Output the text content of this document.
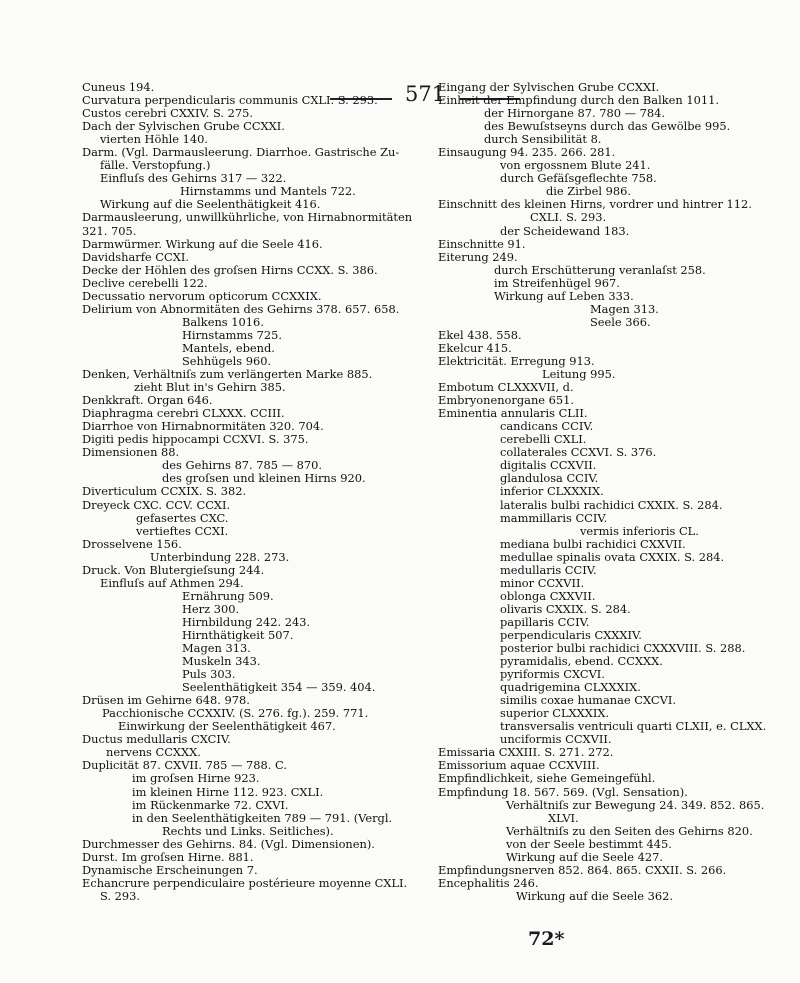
571
Cuneus 194.
Curvatura perpendicularis communis CXLI. S. 293.
Custos cerebri CXXIV. S. 275.
Dach der Sylvischen Grube CCXXI.
vierten Höhle 140.
Darm. (Vgl. Darmausleerung. Diarrhoe. Gastrische Zu-
fälle. Verstopfung.)
Einfluſs des Gehirns 317 — 322.
Hirnstamms und Mantels 722.
Wirkung auf die Seelenthätigkeit 416.
Darmausleerung, unwillkührliche, von Hirnabnormitäten
321. 705.
Darmwürmer. Wirkung auf die Seele 416.
Davidsharfe CCXI.
Decke der Höhlen des groſsen Hirns CCXX. S. 386.
Declive cerebelli 122.
Decussatio nervorum opticorum CCXXIX.
Delirium von Abnormitäten des Gehirns 378. 657. 658.
Balkens 1016.
Hirnstamms 725.
Mantels, ebend.
Sehhügels 960.
Denken, Verhältniſs zum verlängerten Marke 885.
zieht Blut in's Gehirn 385.
Denkkraft. Organ 646.
Diaphragma cerebri CLXXX. CCIII.
Diarrhoe von Hirnabnormitäten 320. 704.
Digiti pedis hippocampi CCXVI. S. 375.
Dimensionen 88.
des Gehirns 87. 785 — 870.
des groſsen und kleinen Hirns 920.
Diverticulum CCXIX. S. 382.
Dreyeck CXC. CCV. CCXI.
gefasertes CXC.
vertieftes CCXI.
Drosselvene 156.
Unterbindung 228. 273.
Druck. Von Blutergieſsung 244.
Einfluſs auf Athmen 294.
Ernährung 509.
Herz 300.
Hirnbildung 242. 243.
Hirnthätigkeit 507.
Magen 313.
Muskeln 343.
Puls 303.
Seelenthätigkeit 354 — 359. 404.
Drüsen im Gehirne 648. 978.
Pacchionische CCXXIV. (S. 276. fg.). 259. 771.
Einwirkung der Seelenthätigkeit 467.
Ductus medullaris CXCIV.
nervens CCXXX.
Duplicität 87. CXVII. 785 — 788. C.
im groſsen Hirne 923.
im kleinen Hirne 112. 923. CXLI.
im Rückenmarke 72. CXVI.
in den Seelenthätigkeiten 789 — 791. (Vergl.
Rechts und Links. Seitliches).
Durchmesser des Gehirns. 84. (Vgl. Dimensionen).
Durst. Im groſsen Hirne. 881.
Dynamische Erscheinungen 7.
Echancrure perpendiculaire postérieure moyenne CXLI.
S. 293.
Eingang der Sylvischen Grube CCXXI.
Einheit der Empfindung durch den Balken 1011.
der Hirnorgane 87. 780 — 784.
des Bewuſstseyns durch das Gewölbe 995.
durch Sensibilität 8.
Einsaugung 94. 235. 266. 281.
von ergossnem Blute 241.
durch Gefäſsgeflechte 758.
die Zirbel 986.
Einschnitt des kleinen Hirns, vordrer und hintrer 112.
CXLI. S. 293.
der Scheidewand 183.
Einschnitte 91.
Eiterung 249.
durch Erschütterung veranlaſst 258.
im Streifenhügel 967.
Wirkung auf Leben 333.
Magen 313.
Seele 366.
Ekel 438. 558.
Ekelcur 415.
Elektricität. Erregung 913.
Leitung 995.
Embotum CLXXXVII, d.
Embryonenorgane 651.
Eminentia annularis CLII.
candicans CCIV.
cerebelli CXLI.
collaterales CCXVI. S. 376.
digitalis CCXVII.
glandulosa CCIV.
inferior CLXXXIX.
lateralis bulbi rachidici CXXIX. S. 284.
mammillaris CCIV.
vermis inferioris CL.
mediana bulbi rachidici CXXVII.
medullae spinalis ovata CXXIX. S. 284.
medullaris CCIV.
minor CCXVII.
oblonga CXXVII.
olivaris CXXIX. S. 284.
papillaris CCIV.
perpendicularis CXXXIV.
posterior bulbi rachidici CXXXVIII. S. 288.
pyramidalis, ebend. CCXXX.
pyriformis CXCVI.
quadrigemina CLXXXIX.
similis coxae humanae CXCVI.
superior CLXXXIX.
transversalis ventriculi quarti CLXII, e. CLXX.
unciformis CCXVII.
Emissaria CXXIII. S. 271. 272.
Emissorium aquae CCXVIII.
Empfindlichkeit, siehe Gemeingefühl.
Empfindung 18. 567. 569. (Vgl. Sensation).
Verhältniſs zur Bewegung 24. 349. 852. 865.
XLVI.
Verhältniſs zu den Seiten des Gehirns 820.
von der Seele bestimmt 445.
Wirkung auf die Seele 427.
Empfindungsnerven 852. 864. 865. CXXII. S. 266.
Encephalitis 246.
Wirkung auf die Seele 362.
72*
